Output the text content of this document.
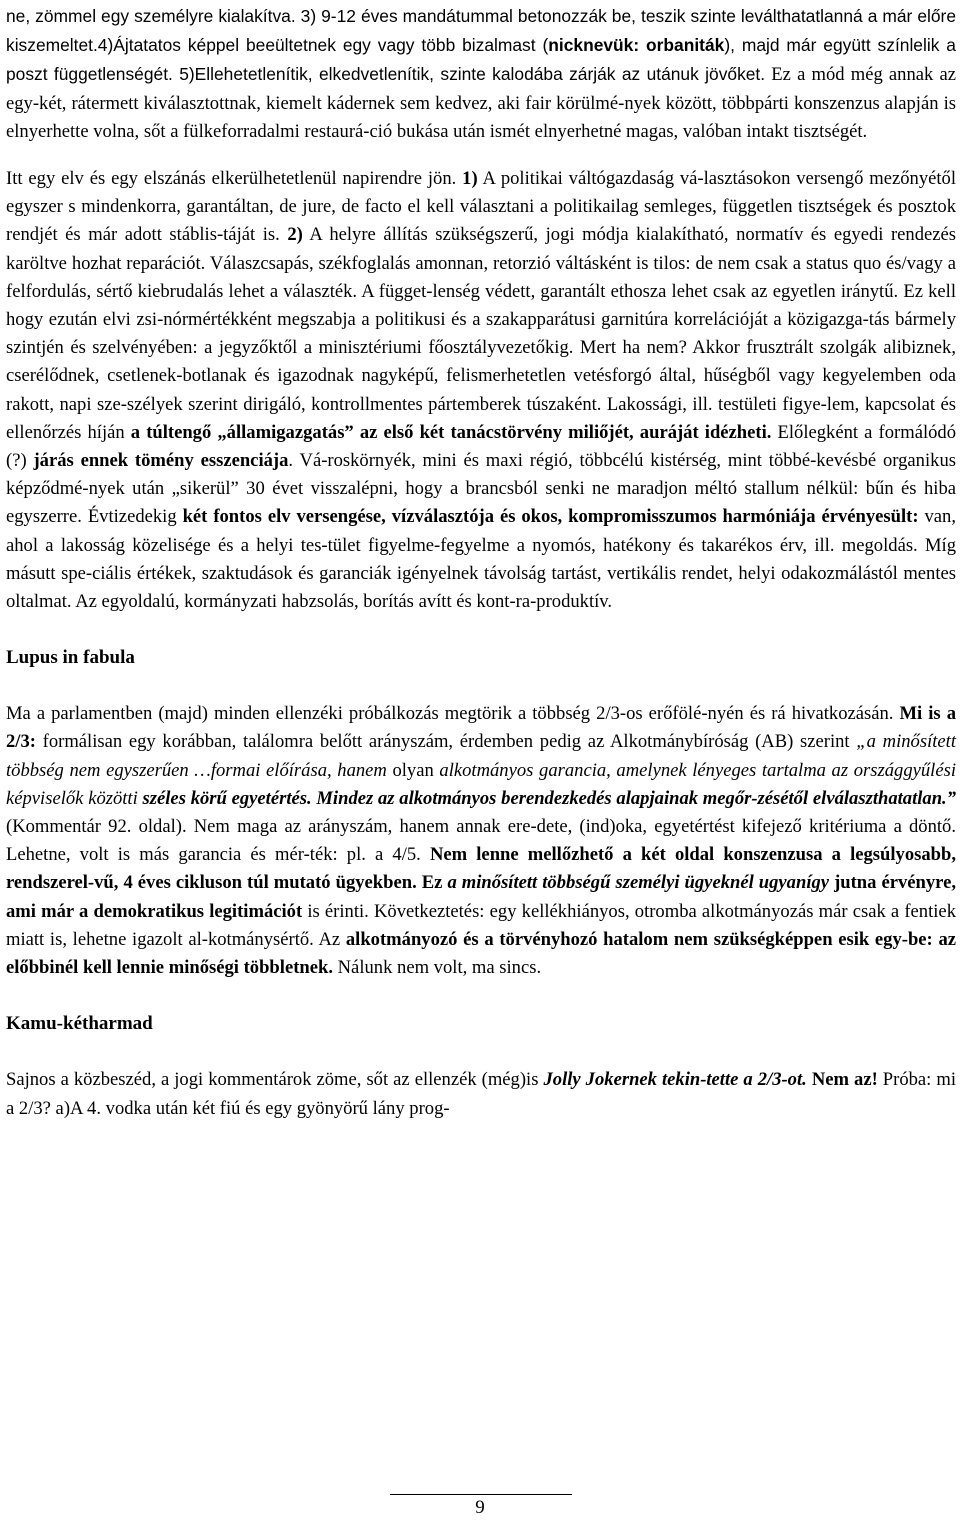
ne, zömmel egy személyre kialakítva. 3) 9-12 éves mandátummal betonozzák be, teszik szinte leválthatatlanná a már előre kiszemeltet.4)Ájtatatos képpel beeültetnek egy vagy több bizalmast (nicknevük: orbaniták), majd már együtt színlelik a poszt függetlenségét. 5)Ellehetetlenítik, elkedvetlenítik, szinte kalodába zárják az utánuk jövőket. Ez a mód még annak az egy-két, rátermett kiválasztottnak, kiemelt kádernek sem kedvez, aki fair körülmé-nyek között, többpárti konszenzus alapján is elnyerhette volna, sőt a fülkeforradalmi restaurá-ció bukása után ismét elnyerhetné magas, valóban intakt tisztségét.

Itt egy elv és egy elszánás elkerülhetetlenül napirendre jön. 1) A politikai váltógazdaság vá-lasztásokon versengő mezőnyétől egyszer s mindenkorra, garantáltan, de jure, de facto el kell választani a politikailag semleges, független tisztségek és posztok rendjét és már adott stáblis-táját is. 2) A helyre állítás szükségszerű, jogi módja kialakítható, normatív és egyedi rendezés karöltve hozhat reparációt. Válaszcsapás, székfoglalás amonnan, retorzió váltásként is tilos: de nem csak a status quo és/vagy a felfordulás, sértő kiebrudalás lehet a választék. A függet-lenség védett, garantált ethosza lehet csak az egyetlen iránytű. Ez kell hogy ezután elvi zsi-nórmértékként megszabja a politikusi és a szakapparátusi garnitúra korrelációját a közigazga-tás bármely szintjén és szelvényében: a jegyzőktől a minisztériumi főosztályvezetőkig. Mert ha nem? Akkor frusztrált szolgák alibiznek, cserélődnek, csetlenek-botlanak és igazodnak nagyképű, felismerhetetlen vetésforgó által, hűségből vagy kegyelemben oda rakott, napi sze-szélyek szerint dirigáló, kontrollmentes pártemberek túszaként. Lakossági, ill. testületi figye-lem, kapcsolat és ellenőrzés híján a túltengő „államigazgatás” az első két tanácstörvény miliőjét, auráját idézheti. Előlegként a formálódó (?) járás ennek tömény esszenciája. Vá-roskörnyék, mini és maxi régió, többcélú kistérség, mint többé-kevésbé organikus képződmé-nyek után „sikerül” 30 évet visszalépni, hogy a brancsból senki ne maradjon méltó stallum nélkül: bűn és hiba egyszerre. Évtizedekig két fontos elv versengése, vízválasztója és okos, kompromisszumos harmóniája érvényesült: van, ahol a lakosság közelisége és a helyi tes-tület figyelme-fegyelme a nyomós, hatékony és takarékos érv, ill. megoldás. Míg másutt spe-ciális értékek, szaktudások és garanciák igényelnek távolság tartást, vertikális rendet, helyi odakozmálástól mentes oltalmat. Az egyoldalú, kormányzati habzsolás, borítás avítt és kont-ra-produktív.

Lupus in fabula

Ma a parlamentben (majd) minden ellenzéki próbálkozás megtörik a többség 2/3-os erőfölé-nyén és rá hivatkozásán. Mi is a 2/3: formálisan egy korábban, találomra belőtt arányszám, érdemben pedig az Alkotmánybíróság (AB) szerint „a minősített többség nem egyszerűen …formai előírása, hanem olyan alkotmányos garancia, amelynek lényeges tartalma az országgyűlési képviselők közötti széles körű egyetértés. Mindez az alkotmányos berendezkedés alapjainak megőr-zésétől elválaszthatatlan.” (Kommentár 92. oldal). Nem maga az arányszám, hanem annak ere-dete, (ind)oka, egyetértést kifejező kritériuma a döntő. Lehetne, volt is más garancia és mér-ték: pl. a 4/5. Nem lenne mellőzhető a két oldal konszenzusa a legsúlyosabb, rendszerel-vű, 4 éves cikluson túl mutató ügyekben. Ez a minősített többségű személyi ügyeknél ugyanígy jutna érvényre, ami már a demokratikus legitimációt is érinti. Következtetés: egy kellékhiányos, otromba alkotmányozás már csak a fentiek miatt is, lehetne igazolt al-kotmánysértő. Az alkotmányozó és a törvényhozó hatalom nem szükségképpen esik egy-be: az előbbinél kell lennie minőségi többletnek. Nálunk nem volt, ma sincs.

Kamu-kétharmad

Sajnos a közbeszéd, a jogi kommentárok zöme, sőt az ellenzék (még)is Jolly Jokernek tekin-tette a 2/3-ot. Nem az! Próba: mi a 2/3? a)A 4. vodka után két fiú és egy gyönyörű lány prog-

9
